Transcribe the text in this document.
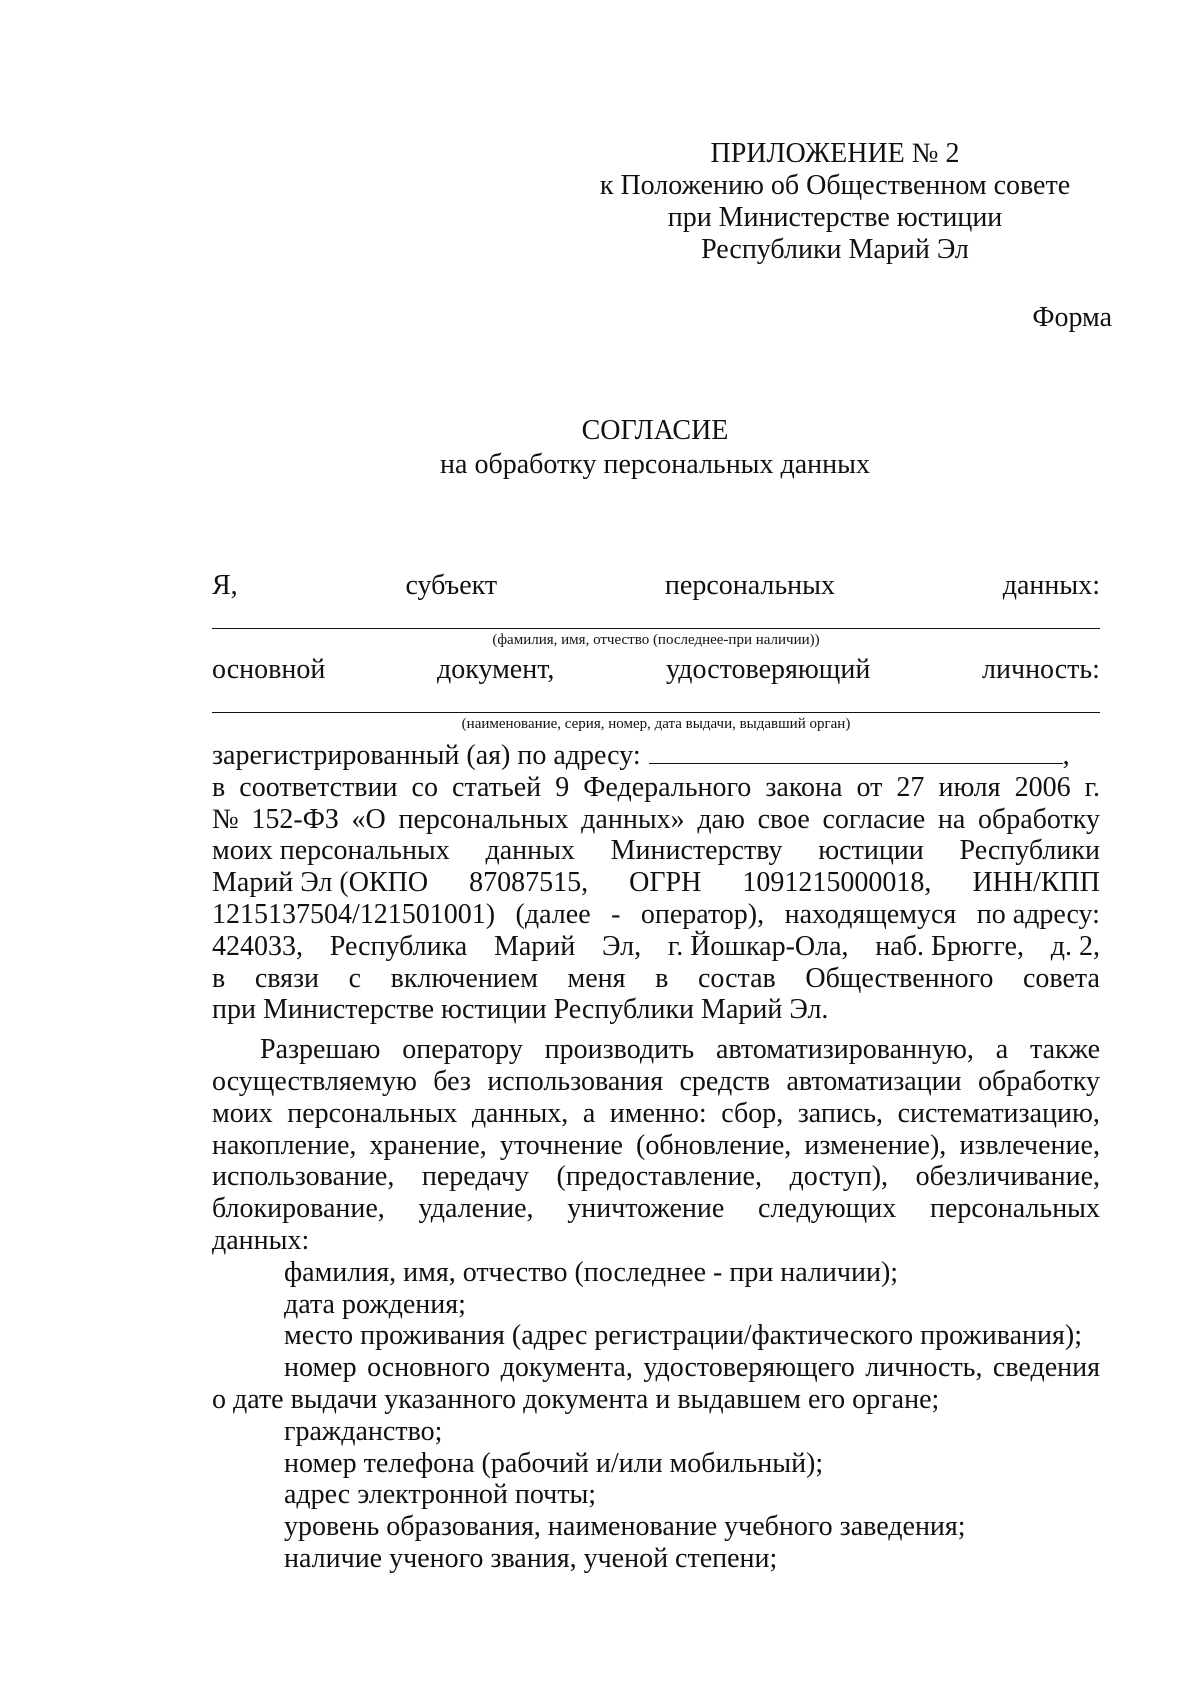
ПРИЛОЖЕНИЕ № 2
к Положению об Общественном совете
при Министерстве юстиции
Республики Марий Эл
Форма
СОГЛАСИЕ
на обработку персональных данных
Я,	субъект	персональных	данных:
(фамилия, имя, отчество (последнее-при наличии))
основной	документ,	удостоверяющий	личность:
(наименование, серия, номер, дата выдачи, выдавший орган)

зарегистрированный (ая) по адресу:	,

в соответствии со статьей 9 Федерального закона от 27 июля 2006 г.

№ 152-ФЗ «О персональных данных» даю свое согласие на обработку

моих персональных данных Министерству юстиции Республики

Марий Эл (ОКПО 87087515, ОГРН 1091215000018, ИНН/КПП

1215137504/121501001) (далее - оператор), находящемуся по адресу:

424033, Республика Марий Эл, г. Йошкар-Ола, наб. Брюгге, д. 2,

в связи с включением меня в состав Общественного совета

при Министерстве юстиции Республики Марий Эл.

Разрешаю оператору производить автоматизированную, а также

осуществляемую без использования средств автоматизации обработку

моих персональных данных, а именно: сбор, запись, систематизацию,

накопление, хранение, уточнение (обновление, изменение), извлечение,

использование, передачу (предоставление, доступ), обезличивание,

блокирование, удаление, уничтожение следующих персональных

данных:

фамилия, имя, отчество (последнее - при наличии);

дата рождения;

место проживания (адрес регистрации/фактического проживания);

номер основного документа, удостоверяющего личность, сведения

о дате выдачи указанного документа и выдавшем его органе;

гражданство;

номер телефона (рабочий и/или мобильный);

адрес электронной почты;

уровень образования, наименование учебного заведения;

наличие ученого звания, ученой степени;
